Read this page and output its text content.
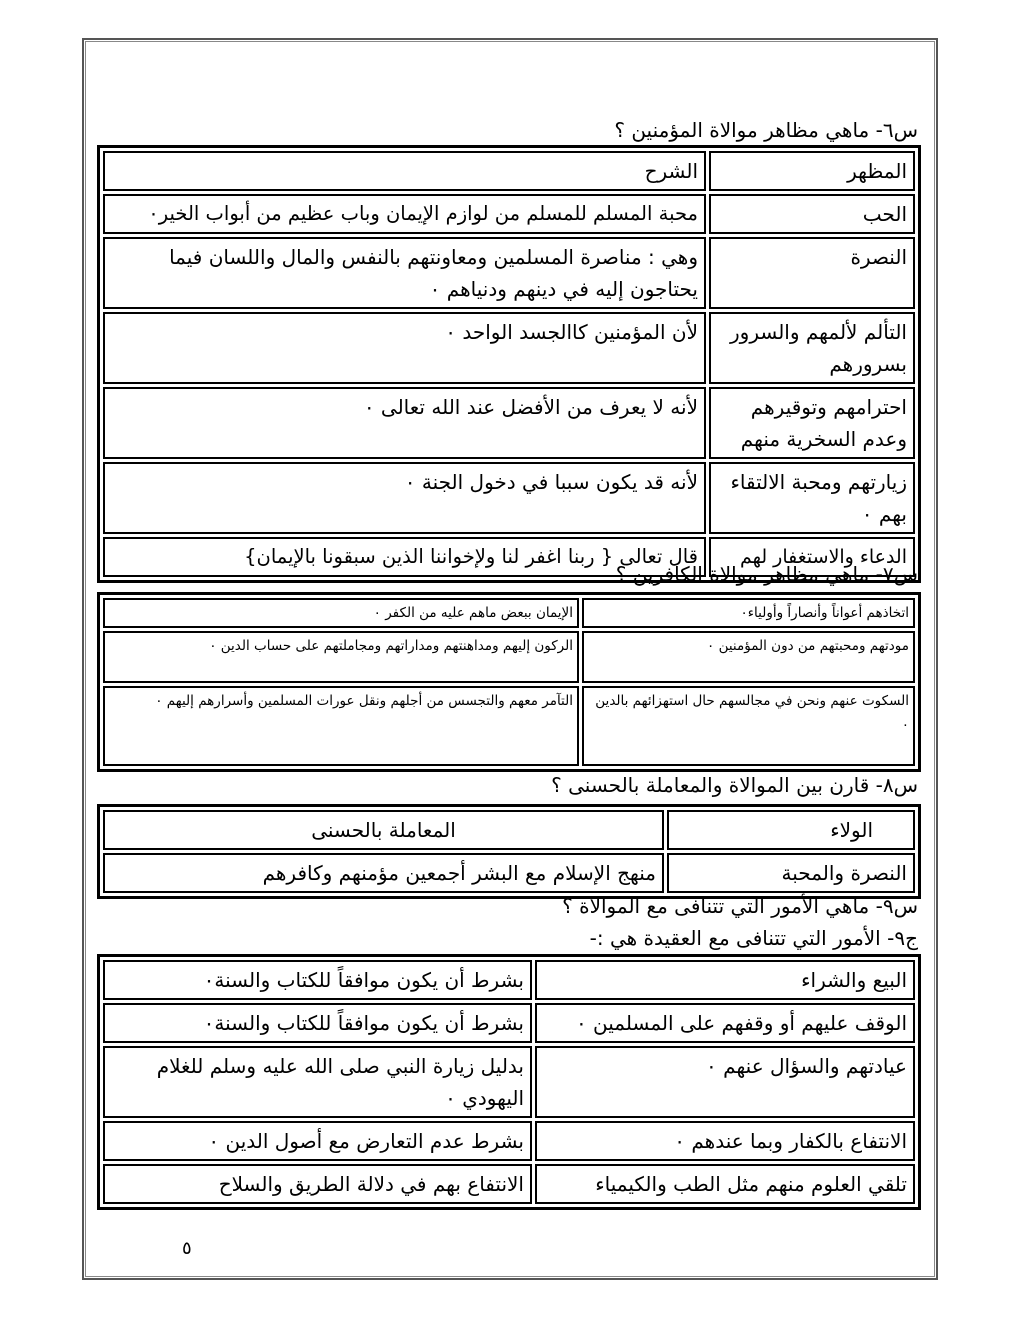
س٦- ماهي مظاهر موالاة المؤمنين ؟
المظهر	الشرح
الحب	محبة المسلم للمسلم من لوازم الإيمان وباب عظيم من أبواب الخير٠
النصرة	وهي : مناصرة المسلمين ومعاونتهم بالنفس والمال واللسان فيما يحتاجون إليه في دينهم ودنياهم ٠
التألم لألمهم والسرور بسرورهم	لأن المؤمنين كاالجسد الواحد ٠
احترامهم وتوقيرهم وعدم السخرية منهم	لأنه لا يعرف من الأفضل عند الله تعالى ٠
زيارتهم ومحبة الالتقاء بهم ٠	لأنه قد يكون سببا في دخول الجنة ٠
الدعاء والاستغفار لهم	قال تعالى { ربنا اغفر لنا ولإخواننا الذين سبقونا بالإيمان}
س٧- ماهي مظاهر موالاة الكافرين ؟
اتخاذهم أعواناً وأنصاراً وأولياء٠	الإيمان ببعض ماهم عليه من الكفر ٠
مودتهم ومحبتهم من دون المؤمنين ٠	الركون إليهم ومداهنتهم ومداراتهم ومجاملتهم على حساب الدين ٠
السكوت عنهم ونحن في مجالسهم حال استهزائهم بالدين ٠	التآمر معهم والتجسس من أجلهم ونقل عورات المسلمين وأسرارهم إليهم ٠
س٨- قارن بين الموالاة والمعاملة بالحسنى ؟
الولاء	المعاملة بالحسنى
النصرة والمحبة	منهج الإسلام مع البشر أجمعين مؤمنهم وكافرهم
س٩- ماهي الأمور التي تتنافى مع الموالاة ؟
ج٩- الأمور التي تتنافى مع العقيدة هي :-
البيع والشراء	بشرط أن يكون موافقاً للكتاب والسنة٠
الوقف عليهم أو وقفهم على المسلمين ٠	بشرط أن يكون موافقاً للكتاب والسنة٠
عيادتهم والسؤال عنهم ٠	بدليل زيارة النبي صلى الله عليه وسلم للغلام اليهودي ٠
الانتفاع بالكفار وبما عندهم ٠	بشرط عدم التعارض مع أصول الدين ٠
تلقي العلوم منهم مثل الطب والكيمياء	الانتفاع بهم في دلالة الطريق والسلاح
٥
